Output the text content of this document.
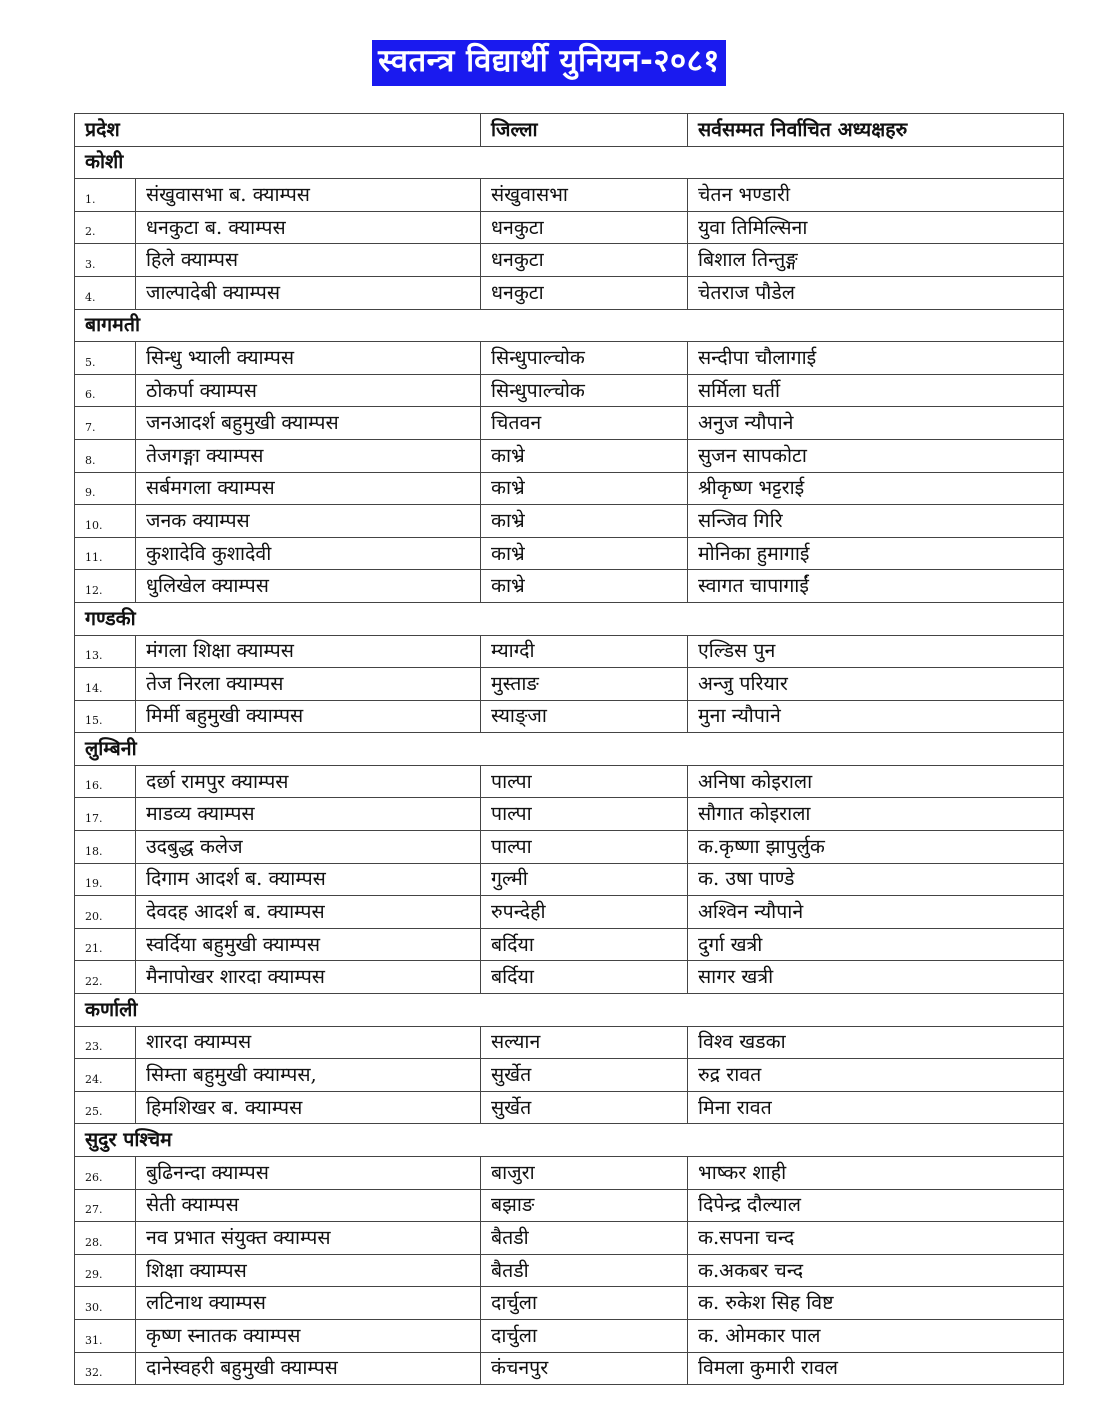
स्वतन्त्र विद्यार्थी युनियन-२०८१
प्रदेश		जिल्ला	सर्वसम्मत निर्वाचित अध्यक्षहरु
कोशी			
1.	संखुवासभा ब. क्याम्पस	संखुवासभा	चेतन भण्डारी
2.	धनकुटा ब. क्याम्पस	धनकुटा	युवा तिमिल्सिना
3.	हिले क्याम्पस	धनकुटा	बिशाल तिन्तुङ्ग
4.	जाल्पादेबी क्याम्पस	धनकुटा	चेतराज पौडेल
बागमती			
5.	सिन्धु भ्याली क्याम्पस	सिन्धुपाल्चोक	सन्दीपा चौलागाई
6.	ठोकर्पा क्याम्पस	सिन्धुपाल्चोक	सर्मिला घर्ती
7.	जनआदर्श बहुमुखी क्याम्पस	चितवन	अनुज न्यौपाने
8.	तेजगङ्गा क्याम्पस	काभ्रे	सुजन सापकोटा
9.	सर्बमगला क्याम्पस	काभ्रे	श्रीकृष्ण भट्टराई
10.	जनक क्याम्पस	काभ्रे	सन्जिव गिरि
11.	कुशादेवि कुशादेवी	काभ्रे	मोनिका हुमागाई
12.	धुलिखेल क्याम्पस	काभ्रे	स्वागत चापागाईं
गण्डकी			
13.	मंगला शिक्षा क्याम्पस	म्याग्दी	एल्डिस पुन
14.	तेज निरला क्याम्पस	मुस्ताङ	अन्जु परियार
15.	मिर्मी बहुमुखी क्याम्पस	स्याङ्जा	मुना न्यौपाने
लुम्बिनी			
16.	दर्छा रामपुर क्याम्पस	पाल्पा	अनिषा कोइराला
17.	माडव्य क्याम्पस	पाल्पा	सौगात कोइराला
18.	उदबुद्ध कलेज	पाल्पा	क.कृष्णा झापुर्लुक
19.	दिगाम आदर्श ब. क्याम्पस	गुल्मी	क. उषा पाण्डे
20.	देवदह आदर्श ब. क्याम्पस	रुपन्देही	अश्विन न्यौपाने
21.	स्वर्दिया बहुमुखी क्याम्पस	बर्दिया	दुर्गा खत्री
22.	मैनापोखर शारदा क्याम्पस	बर्दिया	सागर खत्री
कर्णाली			
23.	शारदा क्याम्पस	सल्यान	विश्व खडका
24.	सिम्ता बहुमुखी क्याम्पस,	सुर्खेत	रुद्र रावत
25.	हिमशिखर ब. क्याम्पस	सुर्खेत	मिना रावत
सुदुर पश्चिम			
26.	बुढिनन्दा क्याम्पस	बाजुरा	भाष्कर शाही
27.	सेती क्याम्पस	बझाङ	दिपेन्द्र दौल्याल
28.	नव प्रभात संयुक्त क्याम्पस	बैतडी	क.सपना चन्द
29.	शिक्षा क्याम्पस	बैतडी	क.अकबर चन्द
30.	लटिनाथ क्याम्पस	दार्चुला	क. रुकेश सिह विष्ट
31.	कृष्ण स्नातक क्याम्पस	दार्चुला	क. ओमकार पाल
32.	दानेस्वहरी बहुमुखी क्याम्पस	कंचनपुर	विमला कुमारी रावल
